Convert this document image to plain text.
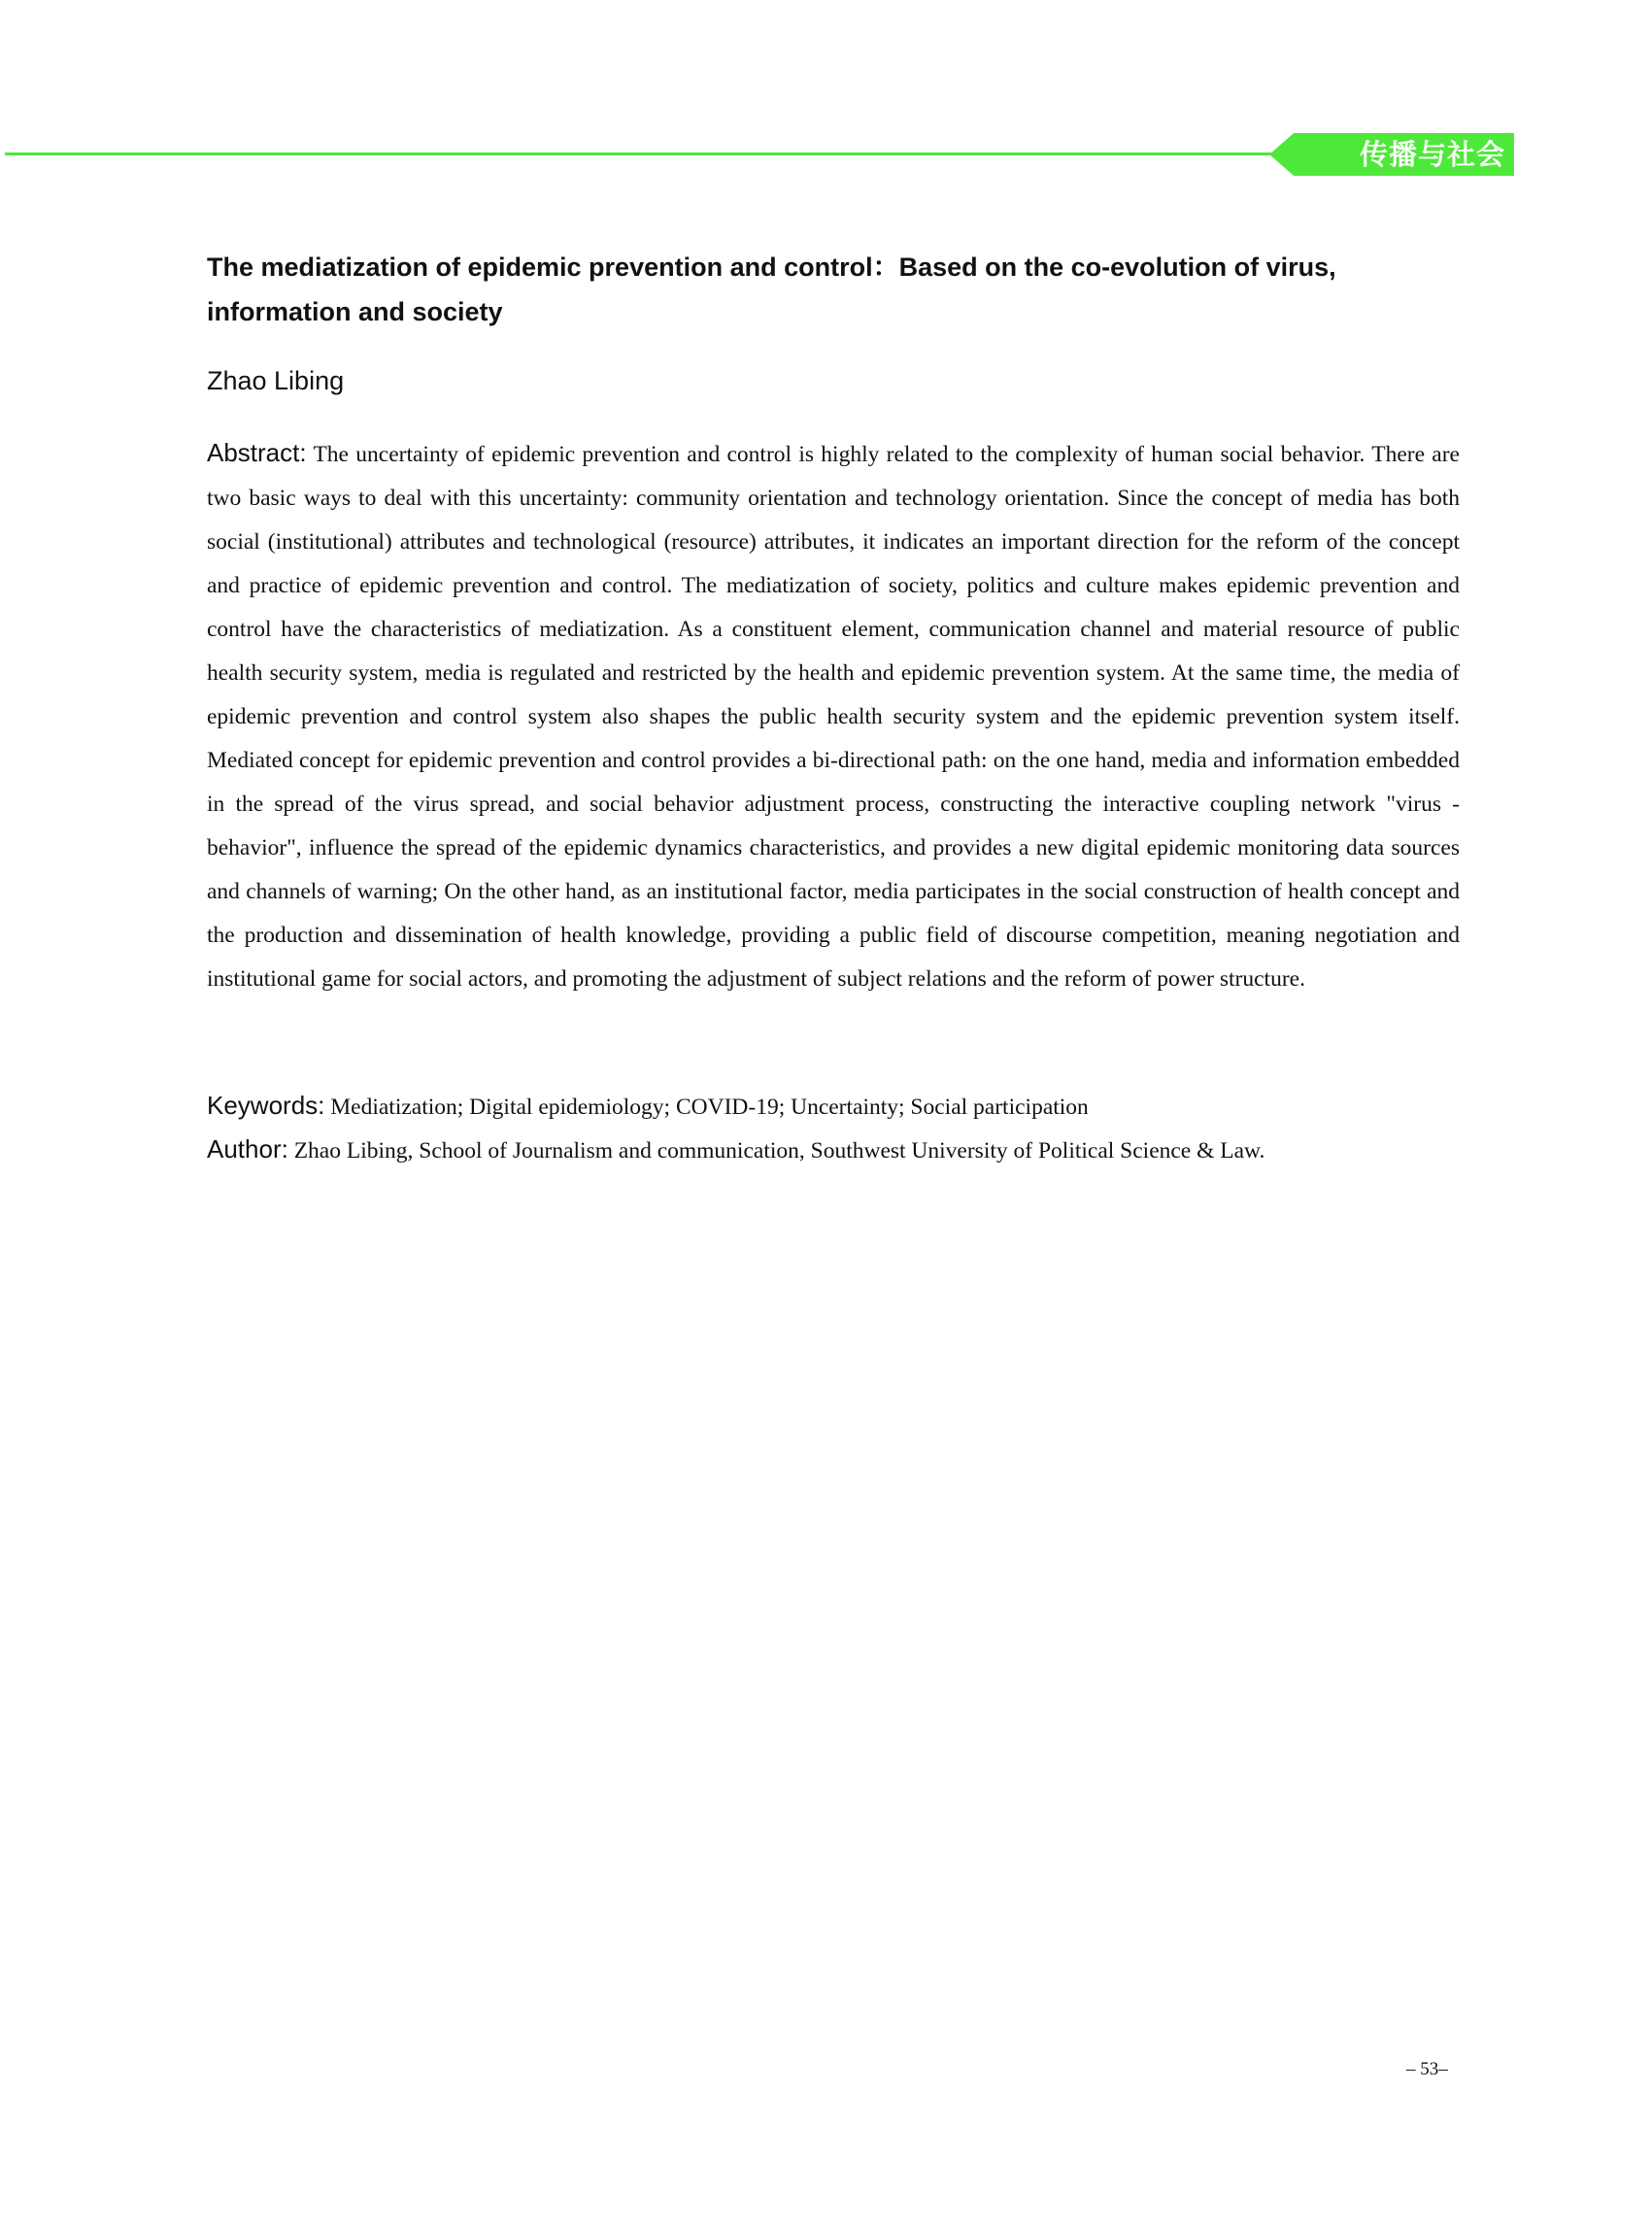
传播与社会
The mediatization of epidemic prevention and control：Based on the co-evolution of virus, information and society

Zhao Libing

Abstract: The uncertainty of epidemic prevention and control is highly related to the complexity of human social behavior. There are two basic ways to deal with this uncertainty: community orientation and technology orientation. Since the concept of media has both social (institutional) attributes and technological (resource) attributes, it indicates an important direction for the reform of the concept and practice of epidemic prevention and control. The mediatization of society, politics and culture makes epidemic prevention and control have the characteristics of mediatization. As a constituent element, communication channel and material resource of public health security system, media is regulated and restricted by the health and epidemic prevention system. At the same time, the media of epidemic prevention and control system also shapes the public health security system and the epidemic prevention system itself. Mediated concept for epidemic prevention and control provides a bi-directional path: on the one hand, media and information embedded in the spread of the virus spread, and social behavior adjustment process, constructing the interactive coupling network "virus - behavior", influence the spread of the epidemic dynamics characteristics, and provides a new digital epidemic monitoring data sources and channels of warning; On the other hand, as an institutional factor, media participates in the social construction of health concept and the production and dissemination of health knowledge, providing a public field of discourse competition, meaning negotiation and institutional game for social actors, and promoting the adjustment of subject relations and the reform of power structure.

Keywords: Mediatization; Digital epidemiology; COVID-19; Uncertainty; Social participation

Author: Zhao Libing, School of Journalism and communication, Southwest University of Political Science & Law.

– 53–
